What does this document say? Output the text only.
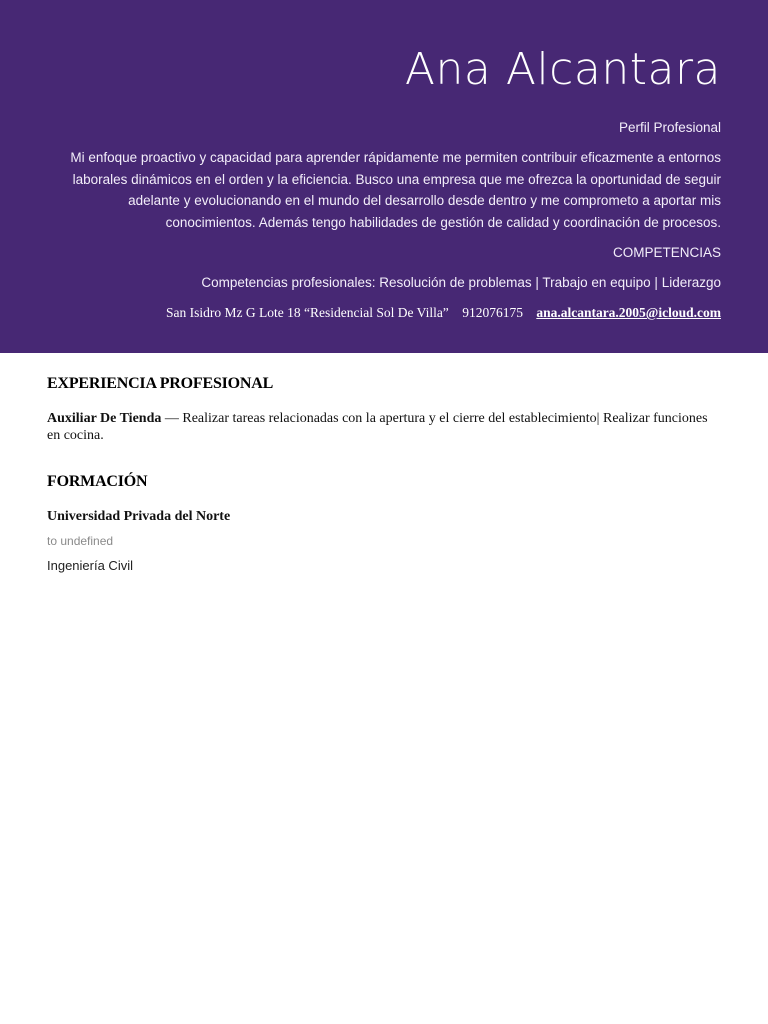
Ana Alcantara

Perfil Profesional

Mi enfoque proactivo y capacidad para aprender rápidamente me permiten contribuir eficazmente a entornos laborales dinámicos en el orden y la eficiencia. Busco una empresa que me ofrezca la oportunidad de seguir adelante y evolucionando en el mundo del desarrollo desde dentro y me comprometo a aportar mis conocimientos. Además tengo habilidades de gestión de calidad y coordinación de procesos.

COMPETENCIAS

Competencias profesionales: Resolución de problemas | Trabajo en equipo | Liderazgo

San Isidro Mz G Lote 18 “Residencial Sol De Villa” 912076175 ana.alcantara.2005@icloud.com

EXPERIENCIA PROFESIONAL

Auxiliar De Tienda — Realizar tareas relacionadas con la apertura y el cierre del establecimiento| Realizar funciones en cocina.

FORMACIÓN

Universidad Privada del Norte

to undefined

Ingeniería Civil
